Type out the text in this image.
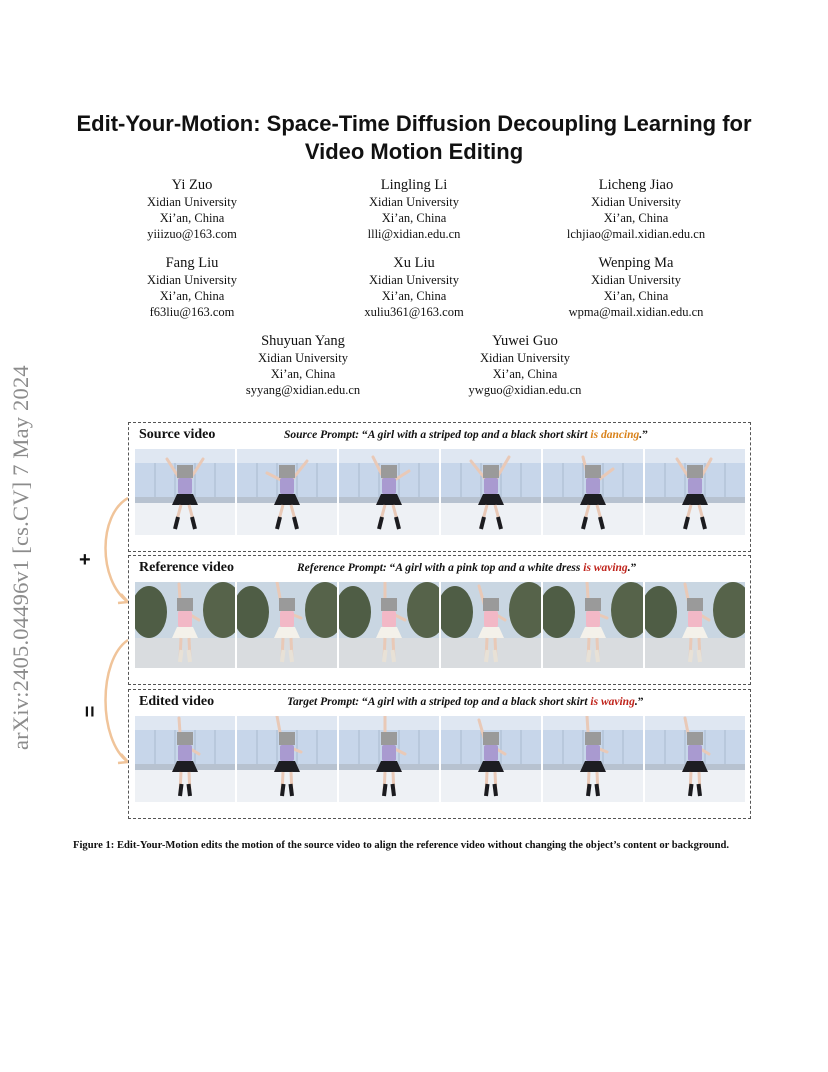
arXiv:2405.04496v1 [cs.CV] 7 May 2024
Edit-Your-Motion: Space-Time Diffusion Decoupling Learning for Video Motion Editing
Yi Zuo
Xidian University
Xi’an, China
yiiizuo@163.com
Lingling Li
Xidian University
Xi’an, China
llli@xidian.edu.cn
Licheng Jiao
Xidian University
Xi’an, China
lchjiao@mail.xidian.edu.cn
Fang Liu
Xidian University
Xi’an, China
f63liu@163.com
Xu Liu
Xidian University
Xi’an, China
xuliu361@163.com
Wenping Ma
Xidian University
Xi’an, China
wpma@mail.xidian.edu.cn
Shuyuan Yang
Xidian University
Xi’an, China
syyang@xidian.edu.cn
Yuwei Guo
Xidian University
Xi’an, China
ywguo@xidian.edu.cn
+
=
Source video	Source Prompt: “A girl with a striped top and a black short skirt is dancing.”
Reference video	Reference Prompt: “A girl with a pink top and a white dress is waving.”
Edited video	Target Prompt: “A girl with a striped top and a black short skirt is waving.”
Figure 1: Edit-Your-Motion edits the motion of the source video to align the reference video without changing the object’s content or background.
